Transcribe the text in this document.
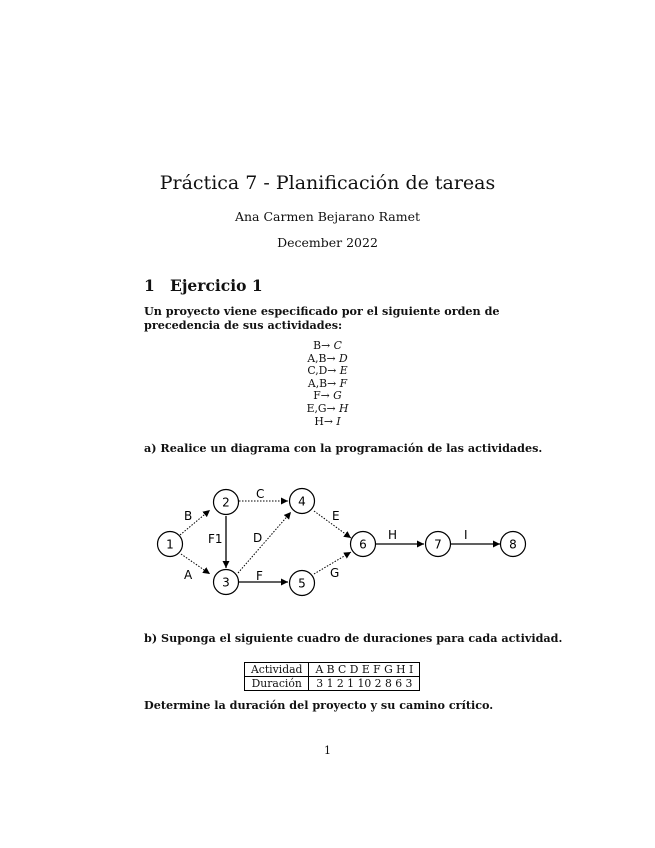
Práctica 7 - Planificación de tareas
Ana Carmen Bejarano Ramet
December 2022
1 Ejercicio 1
Un proyecto viene especificado por el siguiente orden de precedencia de sus actividades:
B→ C
A,B→ D
C,D→ E
A,B→ F
F→ G
E,G→ H
H→ I
a) Realice un diagrama con la programación de las actividades.
B
A
F1
C
D
F
E
G
H	I
1
2
3
4
5
6	7	8
b) Suponga el siguiente cuadro de duraciones para cada actividad.
Actividad	A B C D E F G H I
Duración	3 1 2 1 10 2 8 6 3
Determine la duración del proyecto y su camino crítico.
1
